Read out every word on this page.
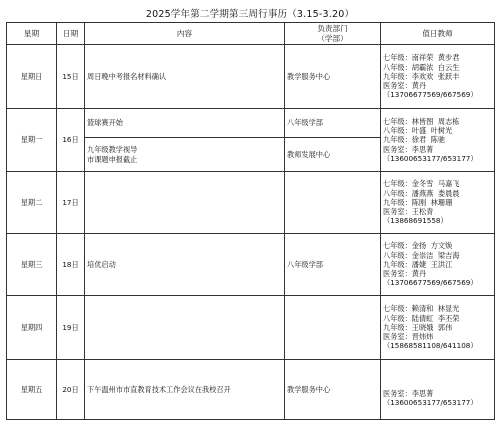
2025学年第二学期第三周行事历（3.15-3.20）
星期	日期	内容	负责部门
（学部）	值日教师
星期日	15日	周日晚中考报名材料确认	教学服务中心	七年级：南祥荣  黄步君
八年级：胡霸浓  白云生
九年级：李欢欢  张跃丰
医务室：黄丹
（13706677569/667569）
星期一	16日	篮球赛开始	八年级学部	七年级：林皆图  周志栋
八年级：叶盛  叶树光
九年级：徐君  陈驰
医务室：李思菁
（13600653177/653177）
		九年级教学视导
市课题申报截止	教师发展中心	
星期二	17日			七年级：金冬雪  马嘉飞
八年级：潘燕燕  娄晨晨
九年级：陈刚  林珊珊
医务室：王松青
（13868691558）
星期三	18日	培优启动	八年级学部	七年级：金扬  方文焕
八年级：金崇洁  梁吉海
九年级：潘婕  王洪江
医务室：黄丹
（13706677569/667569）
星期四	19日			七年级：赖清和  林显光
八年级：陆倩虹  李丕荣
九年级：王晓娥  郭伟
医务室：晋炜炜
（15868581108/641108）
星期五	20日	下午温州市市直教育技术工作会议在我校召开	教学服务中心	医务室：李思菁
（13600653177/653177）
